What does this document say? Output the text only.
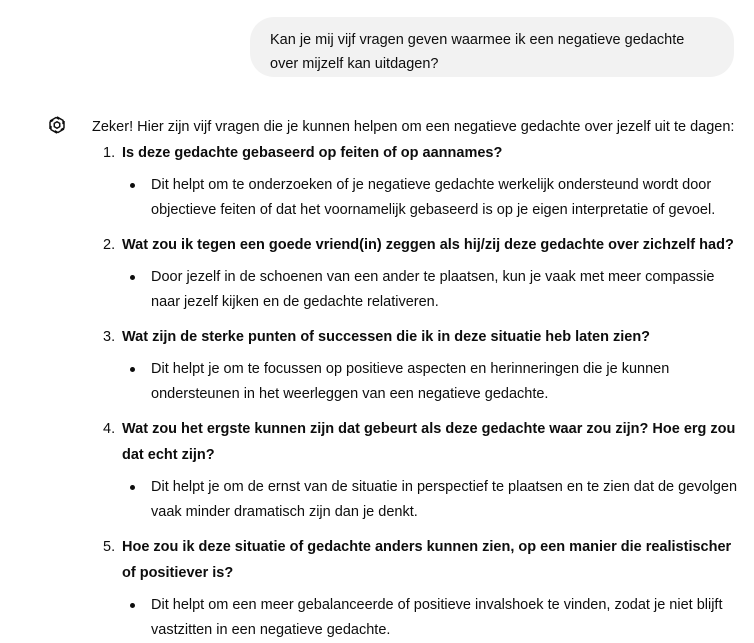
Kan je mij vijf vragen geven waarmee ik een negatieve gedachte over mijzelf kan uitdagen?

Zeker! Hier zijn vijf vragen die je kunnen helpen om een negatieve gedachte over jezelf uit te dagen:

1. Is deze gedachte gebaseerd op feiten of op aannames?

Dit helpt om te onderzoeken of je negatieve gedachte werkelijk ondersteund wordt door objectieve feiten of dat het voornamelijk gebaseerd is op je eigen interpretatie of gevoel.
2. Wat zou ik tegen een goede vriend(in) zeggen als hij/zij deze gedachte over zichzelf had?

Door jezelf in de schoenen van een ander te plaatsen, kun je vaak met meer compassie naar jezelf kijken en de gedachte relativeren.
3. Wat zijn de sterke punten of successen die ik in deze situatie heb laten zien?

Dit helpt je om te focussen op positieve aspecten en herinneringen die je kunnen ondersteunen in het weerleggen van een negatieve gedachte.
4. Wat zou het ergste kunnen zijn dat gebeurt als deze gedachte waar zou zijn? Hoe erg zou dat echt zijn?

Dit helpt je om de ernst van de situatie in perspectief te plaatsen en te zien dat de gevolgen vaak minder dramatisch zijn dan je denkt.
5. Hoe zou ik deze situatie of gedachte anders kunnen zien, op een manier die realistischer of positiever is?

Dit helpt om een meer gebalanceerde of positieve invalshoek te vinden, zodat je niet blijft vastzitten in een negatieve gedachte.
